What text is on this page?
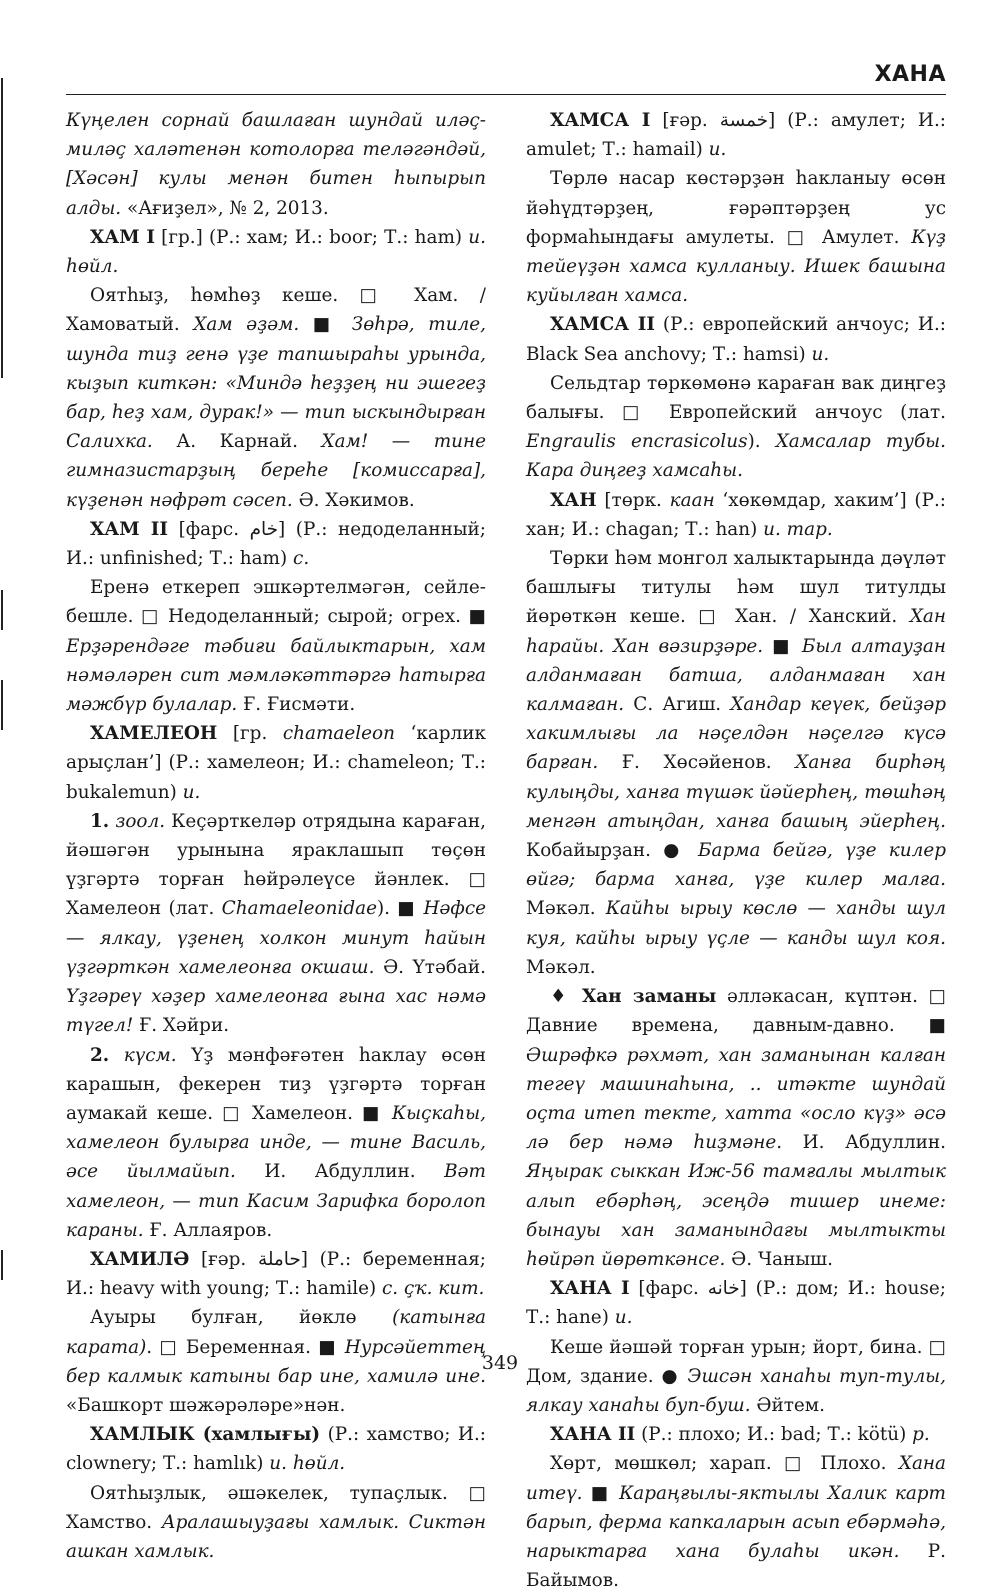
ХАНА

Күңелен сорнай башлаған шундай иләҫ-миләҫ халәтенән котолорға теләгәндәй, [Хәсән] кулы менән битен һыпырып алды. «Ағиҙел», № 2, 2013.

ХАМ I [гр.] (Р.: хам; И.: boor; Т.: ham) и. һөйл.

Оятһыҙ, һөмһөҙ кеше. □ Хам. / Хамоватый. Хам әҙәм. ■ Зөһрә, тиле, шунда тиҙ генә үҙе тапшыраһы урында, кыҙып киткән: «Миндә һеҙҙең ни эшегеҙ бар, һеҙ хам, дурак!» — тип ыскындырған Салихка. А. Карнай. Хам! — тине гимназистарҙың береһе [комиссарға], күҙенән нәфрәт сәсеп. Ә. Хәкимов.

ХАМ II [фарс. خام] (Р.: недоделанный; И.: unfinished; Т.: ham) с.

Еренә еткереп эшкәртелмәгән, сейле-бешле. □ Недоделанный; сырой; огрех. ■ Ерҙәрендәге тәбиғи байлыктарын, хам нәмәләрен сит мәмләкәттәргә һатырға мәжбүр булалар. Ғ. Ғисмәти.

ХАМЕЛЕОН [гр. chamaeleon ‘карлик арыҫлан’] (Р.: хамелеон; И.: chameleon; Т.: bukalemun) и.

1. зоол. Кеҫәрткеләр отрядына караған, йәшәгән урынына яраклашып төҫөн үҙгәртә торған һөйрәлеүсе йәнлек. □ Хамелеон (лат. Chamaeleonidae). ■ Нәфсе — ялкау, үҙенең холкон минут һайын үҙгәрткән хамелеонға окшаш. Ә. Үтәбай. Үҙгәреү хәҙер хамелеонға ғына хас нәмә түгел! Ғ. Хәйри.

2. күсм. Үҙ мәнфәғәтен һаклау өсөн карашын, фекерен тиҙ үҙгәртә торған аумакай кеше. □ Хамелеон. ■ Кыҫкаһы, хамелеон булырға инде, — тине Василь, әсе йылмайып. И. Абдуллин. Вәт хамелеон, — тип Касим Зарифка боролоп караны. Ғ. Аллаяров.

ХАМИЛӘ [ғәр. حاملة] (Р.: беременная; И.: heavy with young; Т.: hamile) с. ҫҡ. кит.

Ауыры булған, йөклө (катынға карата). □ Беременная. ■ Нурсәйеттең бер калмык катыны бар ине, хамилә ине. «Башкорт шәжәрәләре»нән.

ХАМЛЫК (хамлығы) (Р.: хамство; И.: clownery; Т.: hamlık) и. һөйл.

Оятһыҙлык, әшәкелек, тупаҫлык. □ Хамство. Аралашыуҙағы хамлык. Сиктән ашкан хамлык.

ХАМСА I [ғәр. خمسة] (Р.: амулет; И.: amulet; Т.: hamail) и.

Төрлө насар көстәрҙән һакланыу өсөн йәһүдтәрҙең, ғәрәптәрҙең ус формаһындағы амулеты. □ Амулет. Күҙ тейеүҙән хамса кулланыу. Ишек башына куйылған хамса.

ХАМСА II (Р.: европейский анчоус; И.: Black Sea anchovy; Т.: hamsi) и.

Сельдтар төркөмөнә караған вак диңгеҙ балығы. □ Европейский анчоус (лат. Engraulis encrasicolus). Хамсалар тубы. Кара диңгеҙ хамсаһы.

ХАН [төрк. каан ‘хөкөмдар, хаким’] (Р.: хан; И.: chagan; Т.: han) и. тар.

Төрки һәм монгол халыктарында дәүләт башлығы титулы һәм шул титулды йөрөткән кеше. □ Хан. / Ханский. Хан һарайы. Хан вәзирҙәре. ■ Был алтауҙан алданмаған батша, алданмаған хан калмаған. С. Агиш. Хандар кеүек, бейҙәр хакимлығы ла нәҫелдән нәҫелгә күсә барған. Ғ. Хөсәйенов. Ханға бирһәң кулыңды, ханға түшәк йәйерһең, төшһәң менгән атыңдан, ханға башың эйерһең. Кобайырҙан. ● Барма бейгә, үҙе килер өйгә; барма ханға, үҙе килер малға. Мәкәл. Кайһы ырыу көслө — ханды шул куя, кайһы ырыу үҫле — канды шул коя. Мәкәл.

♦ Хан заманы әлләкасан, күптән. □ Давние времена, давным-давно. ■ Әшрәфкә рәхмәт, хан заманынан калған тегеү машинаһына, .. итәкте шундай оҫта итеп текте, хатта «осло күҙ» әсә лә бер нәмә һиҙмәне. И. Абдуллин. Яңырак сыккан Иж-56 тамғалы мылтык алып ебәрһәң, эсеңдә тишер инеме: бынауы хан заманындағы мылтыкты һөйрәп йөрөткәнсе. Ә. Чаныш.

ХАНА I [фарс. خانه] (Р.: дом; И.: house; Т.: hane) и.

Кеше йәшәй торған урын; йорт, бина. □ Дом, здание. ● Эшсән ханаһы туп-тулы, ялкау ханаһы буп-буш. Әйтем.

ХАНА II (Р.: плохо; И.: bad; Т.: kötü) р.

Хөрт, мөшкөл; харап. □ Плохо. Хана итеү. ■ Караңғылы-яктылы Халик карт барып, ферма капкаларын асып ебәрмәһә, нарыктарға хана булаһы икән. Р. Байымов.

349
